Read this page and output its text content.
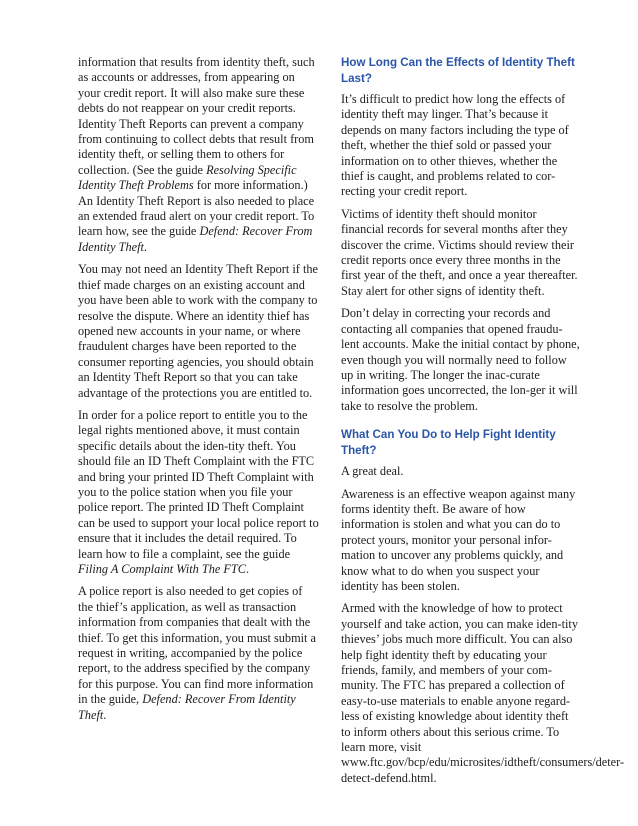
information that results from identity theft, such as accounts or addresses, from appearing on your credit report. It will also make sure these debts do not reappear on your credit reports. Identity Theft Reports can prevent a company from continuing to collect debts that result from identity theft, or selling them to others for collection. (See the guide Resolving Specific Identity Theft Problems for more information.) An Identity Theft Report is also needed to place an extended fraud alert on your credit report. To learn how, see the guide Defend: Recover From Identity Theft.

You may not need an Identity Theft Report if the thief made charges on an existing account and you have been able to work with the company to resolve the dispute. Where an identity thief has opened new accounts in your name, or where fraudulent charges have been reported to the consumer reporting agencies, you should obtain an Identity Theft Report so that you can take advantage of the protections you are entitled to.

In order for a police report to entitle you to the legal rights mentioned above, it must contain specific details about the iden-tity theft. You should file an ID Theft Complaint with the FTC and bring your printed ID Theft Complaint with you to the police station when you file your police report. The printed ID Theft Complaint can be used to support your local police report to ensure that it includes the detail required. To learn how to file a complaint, see the guide Filing A Complaint With The FTC.

A police report is also needed to get copies of the thief’s application, as well as transaction information from companies that dealt with the thief. To get this information, you must submit a request in writing, accompanied by the police report, to the address specified by the company for this purpose. You can find more information in the guide, Defend: Recover From Identity Theft.

How Long Can the Effects of Identity Theft Last?

It’s difficult to predict how long the effects of identity theft may linger. That’s because it depends on many factors including the type of theft, whether the thief sold or passed your information on to other thieves, whether the thief is caught, and problems related to cor-recting your credit report.

Victims of identity theft should monitor financial records for several months after they discover the crime. Victims should review their credit reports once every three months in the first year of the theft, and once a year thereafter. Stay alert for other signs of identity theft.

Don’t delay in correcting your records and contacting all companies that opened fraudu-lent accounts. Make the initial contact by phone, even though you will normally need to follow up in writing. The longer the inac-curate information goes uncorrected, the lon-ger it will take to resolve the problem.

What Can You Do to Help Fight Identity Theft?

A great deal.

Awareness is an effective weapon against many forms identity theft. Be aware of how information is stolen and what you can do to protect yours, monitor your personal infor-mation to uncover any problems quickly, and know what to do when you suspect your identity has been stolen.

Armed with the knowledge of how to protect yourself and take action, you can make iden-tity thieves’ jobs much more difficult. You can also help fight identity theft by educating your friends, family, and members of your com-munity. The FTC has prepared a collection of easy-to-use materials to enable anyone regard-less of existing knowledge about identity theft to inform others about this serious crime. To learn more, visit www.ftc.gov/bcp/edu/microsites/idtheft/consumers/deter-detect-defend.html.
